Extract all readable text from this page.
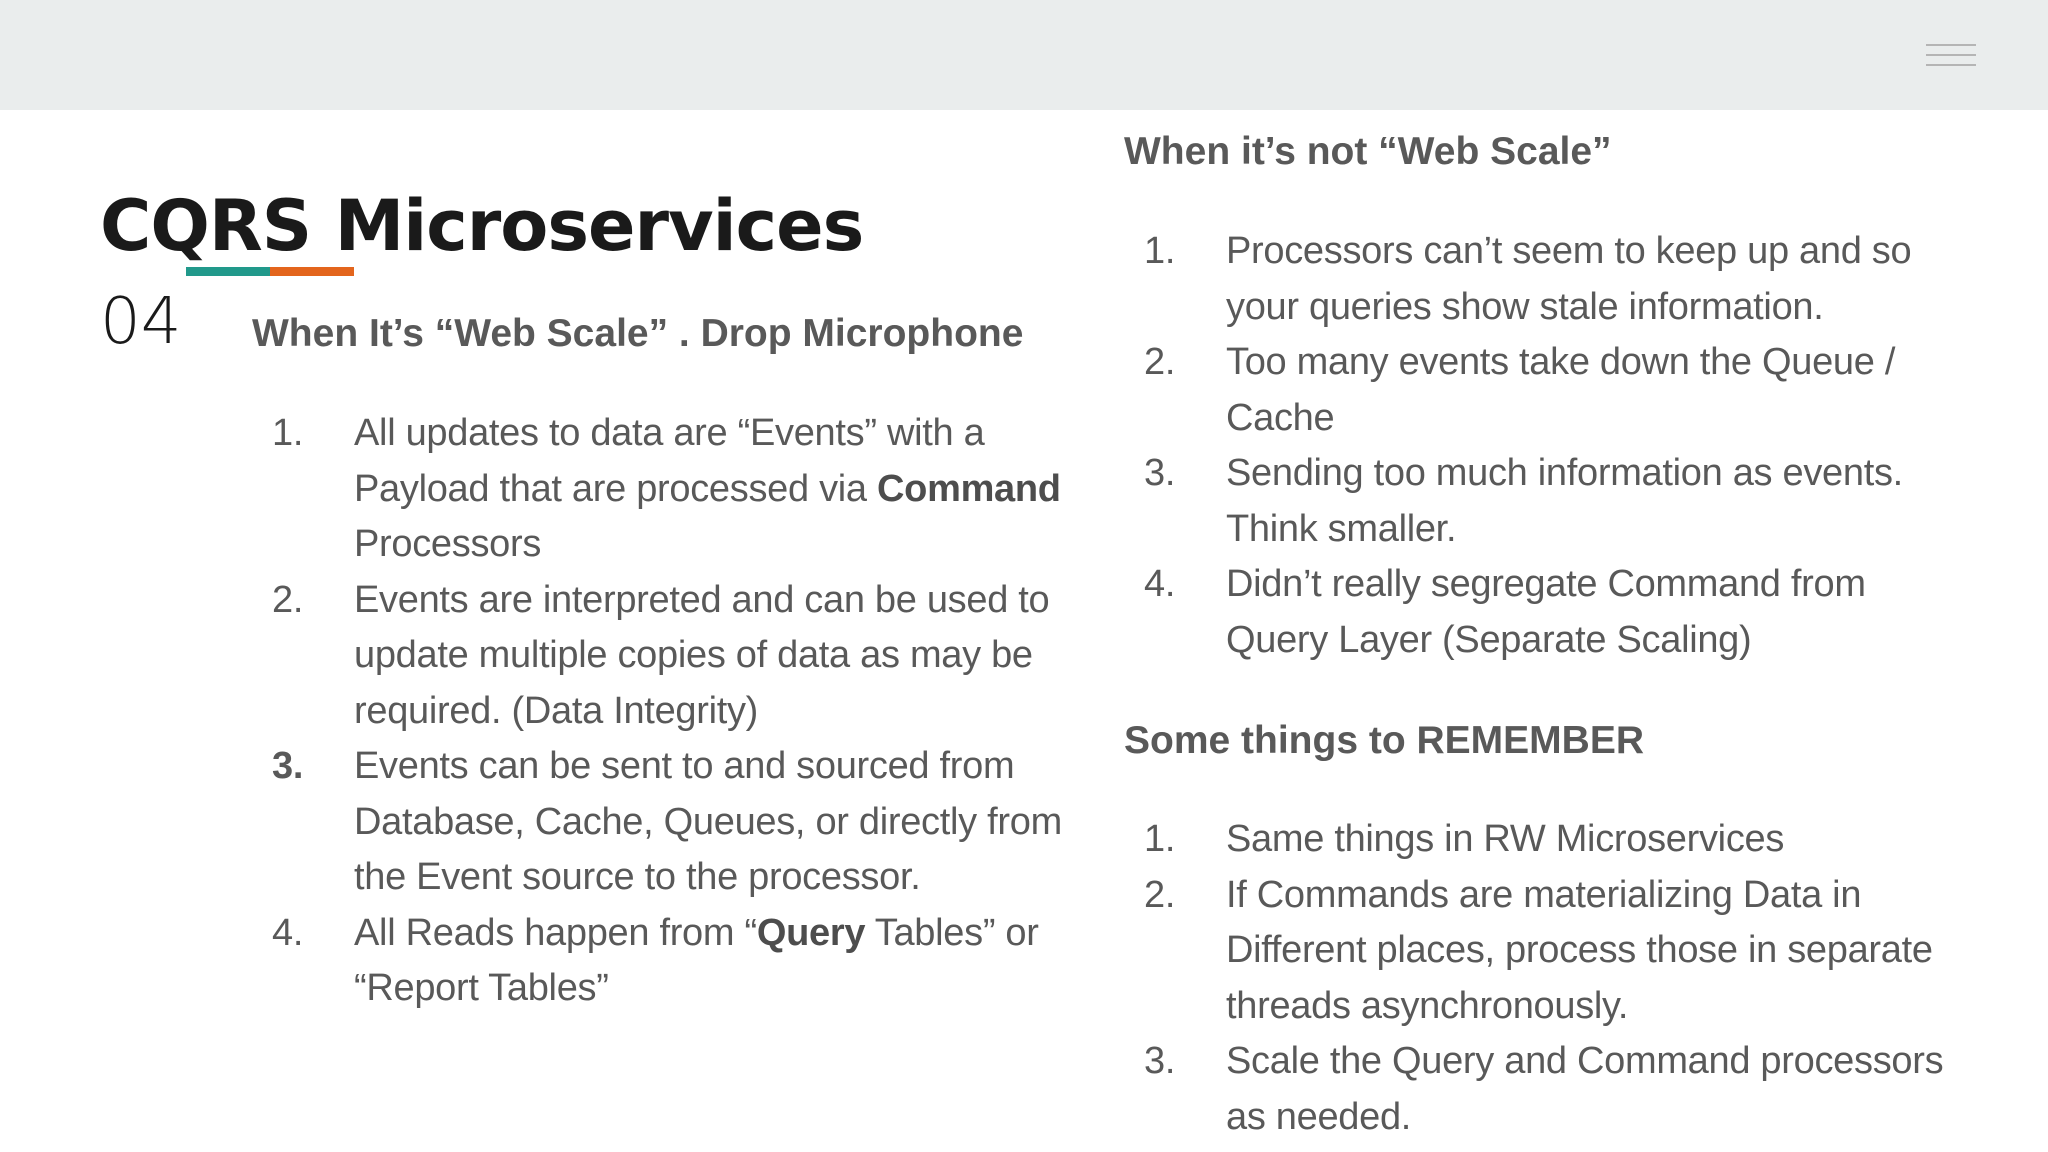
CQRS Microservices
04 When It’s “Web Scale” . Drop Microphone
1. All updates to data are “Events” with a Payload that are processed via Command Processors
2. Events are interpreted and can be used to update multiple copies of data as may be required. (Data Integrity)
3. Events can be sent to and sourced from Database, Cache, Queues, or directly from the Event source to the processor.
4. All Reads happen from “Query Tables” or “Report Tables”
When it’s not “Web Scale”
1. Processors can’t seem to keep up and so your queries show stale information.
2. Too many events take down the Queue / Cache
3. Sending too much information as events. Think smaller.
4. Didn’t really segregate Command from Query Layer (Separate Scaling)
Some things to REMEMBER
1. Same things in RW Microservices
2. If Commands are materializing Data in Different places, process those in separate threads asynchronously.
3. Scale the Query and Command processors as needed.
